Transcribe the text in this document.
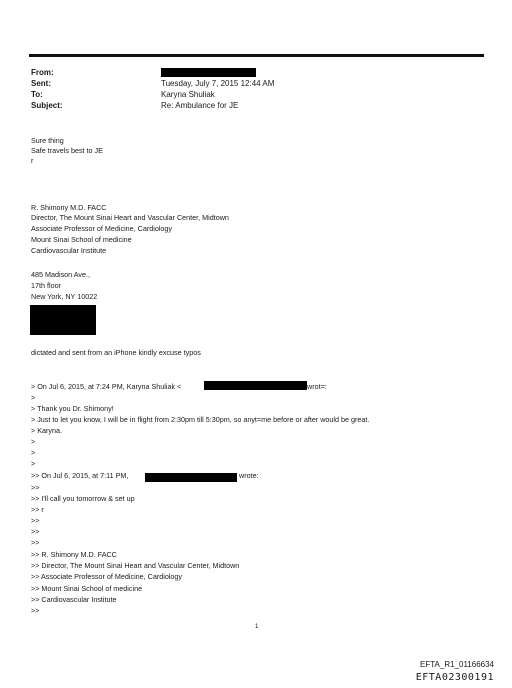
From:
Sent:	Tuesday, July 7, 2015 12:44 AM
To:	Karyna Shuliak
Subject:	Re: Ambulance for JE
Sure thing
Safe travels best to JE
r
R. Shimony M.D. FACC
Director, The Mount Sinai Heart and Vascular Center, Midtown
Associate Professor of Medicine, Cardiology
Mount Sinai School of medicine
Cardiovascular Institute
485 Madison Ave.,
17th floor
New York, NY 10022
dictated and sent from an iPhone kindly excuse typos
> On Jul 6, 2015, at 7:24 PM, Karyna Shuliak <	wrot=:
>
> Thank you Dr. Shimony!
> Just to let you know, I will be in flight from 2:30pm till 5:30pm, so anyt=me before or after would be great.
> Karyna.
>
>
>
>> On Jul 6, 2015, at 7:11 PM,	wrote:
>>
>> I'll call you tomorrow & set up
>> r
>>
>>
>>
>> R. Shimony M.D. FACC
>> Director, The Mount Sinai Heart and Vascular Center, Midtown
>> Associate Professor of Medicine, Cardiology
>> Mount Sinai School of medicine
>> Cardiovascular Institute
>>
1
EFTA_R1_01166634
EFTA02300191
